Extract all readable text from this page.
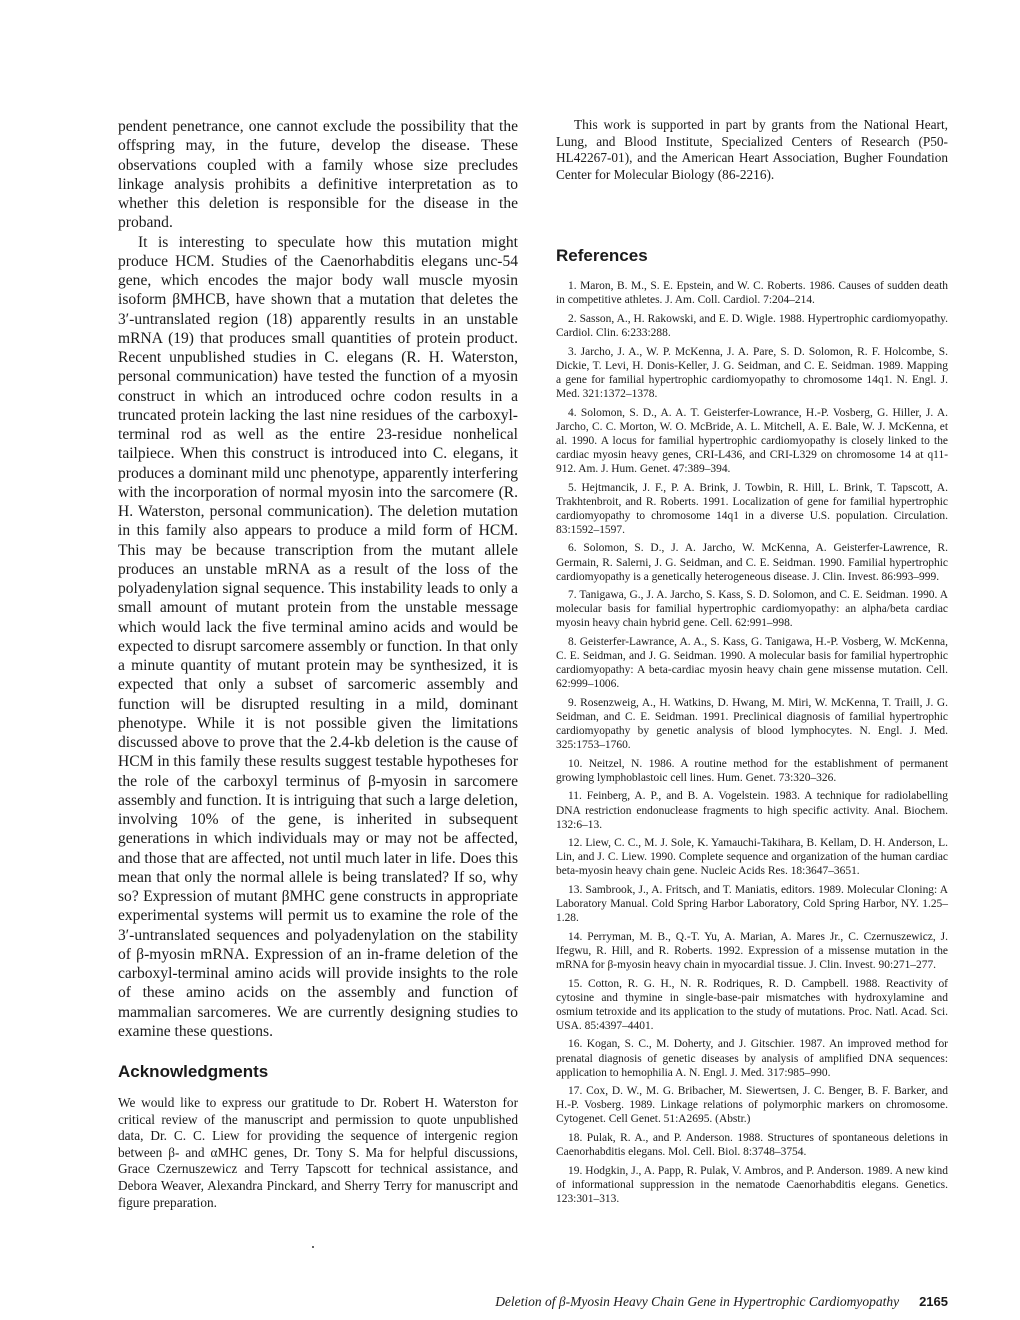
pendent penetrance, one cannot exclude the possibility that the offspring may, in the future, develop the disease. These observations coupled with a family whose size precludes linkage analysis prohibits a definitive interpretation as to whether this deletion is responsible for the disease in the proband.

It is interesting to speculate how this mutation might produce HCM. Studies of the Caenorhabditis elegans unc-54 gene, which encodes the major body wall muscle myosin isoform βMHCB, have shown that a mutation that deletes the 3′-untranslated region (18) apparently results in an unstable mRNA (19) that produces small quantities of protein product. Recent unpublished studies in C. elegans (R. H. Waterston, personal communication) have tested the function of a myosin construct in which an introduced ochre codon results in a truncated protein lacking the last nine residues of the carboxyl-terminal rod as well as the entire 23-residue nonhelical tailpiece. When this construct is introduced into C. elegans, it produces a dominant mild unc phenotype, apparently interfering with the incorporation of normal myosin into the sarcomere (R. H. Waterston, personal communication). The deletion mutation in this family also appears to produce a mild form of HCM. This may be because transcription from the mutant allele produces an unstable mRNA as a result of the loss of the polyadenylation signal sequence. This instability leads to only a small amount of mutant protein from the unstable message which would lack the five terminal amino acids and would be expected to disrupt sarcomere assembly or function. In that only a minute quantity of mutant protein may be synthesized, it is expected that only a subset of sarcomeric assembly and function will be disrupted resulting in a mild, dominant phenotype. While it is not possible given the limitations discussed above to prove that the 2.4-kb deletion is the cause of HCM in this family these results suggest testable hypotheses for the role of the carboxyl terminus of β-myosin in sarcomere assembly and function. It is intriguing that such a large deletion, involving 10% of the gene, is inherited in subsequent generations in which individuals may or may not be affected, and those that are affected, not until much later in life. Does this mean that only the normal allele is being translated? If so, why so? Expression of mutant βMHC gene constructs in appropriate experimental systems will permit us to examine the role of the 3′-untranslated sequences and polyadenylation on the stability of β-myosin mRNA. Expression of an in-frame deletion of the carboxyl-terminal amino acids will provide insights to the role of these amino acids on the assembly and function of mammalian sarcomeres. We are currently designing studies to examine these questions.

Acknowledgments

We would like to express our gratitude to Dr. Robert H. Waterston for critical review of the manuscript and permission to quote unpublished data, Dr. C. C. Liew for providing the sequence of intergenic region between β- and αMHC genes, Dr. Tony S. Ma for helpful discussions, Grace Czernuszewicz and Terry Tapscott for technical assistance, and Debora Weaver, Alexandra Pinckard, and Sherry Terry for manuscript and figure preparation.

This work is supported in part by grants from the National Heart, Lung, and Blood Institute, Specialized Centers of Research (P50-HL42267-01), and the American Heart Association, Bugher Foundation Center for Molecular Biology (86-2216).

References

1. Maron, B. M., S. E. Epstein, and W. C. Roberts. 1986. Causes of sudden death in competitive athletes. J. Am. Coll. Cardiol. 7:204–214.

2. Sasson, A., H. Rakowski, and E. D. Wigle. 1988. Hypertrophic cardiomyopathy. Cardiol. Clin. 6:233:288.

3. Jarcho, J. A., W. P. McKenna, J. A. Pare, S. D. Solomon, R. F. Holcombe, S. Dickie, T. Levi, H. Donis-Keller, J. G. Seidman, and C. E. Seidman. 1989. Mapping a gene for familial hypertrophic cardiomyopathy to chromosome 14q1. N. Engl. J. Med. 321:1372–1378.

4. Solomon, S. D., A. A. T. Geisterfer-Lowrance, H.-P. Vosberg, G. Hiller, J. A. Jarcho, C. C. Morton, W. O. McBride, A. L. Mitchell, A. E. Bale, W. J. McKenna, et al. 1990. A locus for familial hypertrophic cardiomyopathy is closely linked to the cardiac myosin heavy genes, CRI-L436, and CRI-L329 on chromosome 14 at q11-912. Am. J. Hum. Genet. 47:389–394.

5. Hejtmancik, J. F., P. A. Brink, J. Towbin, R. Hill, L. Brink, T. Tapscott, A. Trakhtenbroit, and R. Roberts. 1991. Localization of gene for familial hypertrophic cardiomyopathy to chromosome 14q1 in a diverse U.S. population. Circulation. 83:1592–1597.

6. Solomon, S. D., J. A. Jarcho, W. McKenna, A. Geisterfer-Lawrence, R. Germain, R. Salerni, J. G. Seidman, and C. E. Seidman. 1990. Familial hypertrophic cardiomyopathy is a genetically heterogeneous disease. J. Clin. Invest. 86:993–999.

7. Tanigawa, G., J. A. Jarcho, S. Kass, S. D. Solomon, and C. E. Seidman. 1990. A molecular basis for familial hypertrophic cardiomyopathy: an alpha/beta cardiac myosin heavy chain hybrid gene. Cell. 62:991–998.

8. Geisterfer-Lawrance, A. A., S. Kass, G. Tanigawa, H.-P. Vosberg, W. McKenna, C. E. Seidman, and J. G. Seidman. 1990. A molecular basis for familial hypertrophic cardiomyopathy: A beta-cardiac myosin heavy chain gene missense mutation. Cell. 62:999–1006.

9. Rosenzweig, A., H. Watkins, D. Hwang, M. Miri, W. McKenna, T. Traill, J. G. Seidman, and C. E. Seidman. 1991. Preclinical diagnosis of familial hypertrophic cardiomyopathy by genetic analysis of blood lymphocytes. N. Engl. J. Med. 325:1753–1760.

10. Neitzel, N. 1986. A routine method for the establishment of permanent growing lymphoblastoic cell lines. Hum. Genet. 73:320–326.

11. Feinberg, A. P., and B. A. Vogelstein. 1983. A technique for radiolabelling DNA restriction endonuclease fragments to high specific activity. Anal. Biochem. 132:6–13.

12. Liew, C. C., M. J. Sole, K. Yamauchi-Takihara, B. Kellam, D. H. Anderson, L. Lin, and J. C. Liew. 1990. Complete sequence and organization of the human cardiac beta-myosin heavy chain gene. Nucleic Acids Res. 18:3647–3651.

13. Sambrook, J., A. Fritsch, and T. Maniatis, editors. 1989. Molecular Cloning: A Laboratory Manual. Cold Spring Harbor Laboratory, Cold Spring Harbor, NY. 1.25–1.28.

14. Perryman, M. B., Q.-T. Yu, A. Marian, A. Mares Jr., C. Czernuszewicz, J. Ifegwu, R. Hill, and R. Roberts. 1992. Expression of a missense mutation in the mRNA for β-myosin heavy chain in myocardial tissue. J. Clin. Invest. 90:271–277.

15. Cotton, R. G. H., N. R. Rodriques, R. D. Campbell. 1988. Reactivity of cytosine and thymine in single-base-pair mismatches with hydroxylamine and osmium tetroxide and its application to the study of mutations. Proc. Natl. Acad. Sci. USA. 85:4397–4401.

16. Kogan, S. C., M. Doherty, and J. Gitschier. 1987. An improved method for prenatal diagnosis of genetic diseases by analysis of amplified DNA sequences: application to hemophilia A. N. Engl. J. Med. 317:985–990.

17. Cox, D. W., M. G. Bribacher, M. Siewertsen, J. C. Benger, B. F. Barker, and H.-P. Vosberg. 1989. Linkage relations of polymorphic markers on chromosome. Cytogenet. Cell Genet. 51:A2695. (Abstr.)

18. Pulak, R. A., and P. Anderson. 1988. Structures of spontaneous deletions in Caenorhabditis elegans. Mol. Cell. Biol. 8:3748–3754.

19. Hodgkin, J., A. Papp, R. Pulak, V. Ambros, and P. Anderson. 1989. A new kind of informational suppression in the nematode Caenorhabditis elegans. Genetics. 123:301–313.

Deletion of β-Myosin Heavy Chain Gene in Hypertrophic Cardiomyopathy 2165
